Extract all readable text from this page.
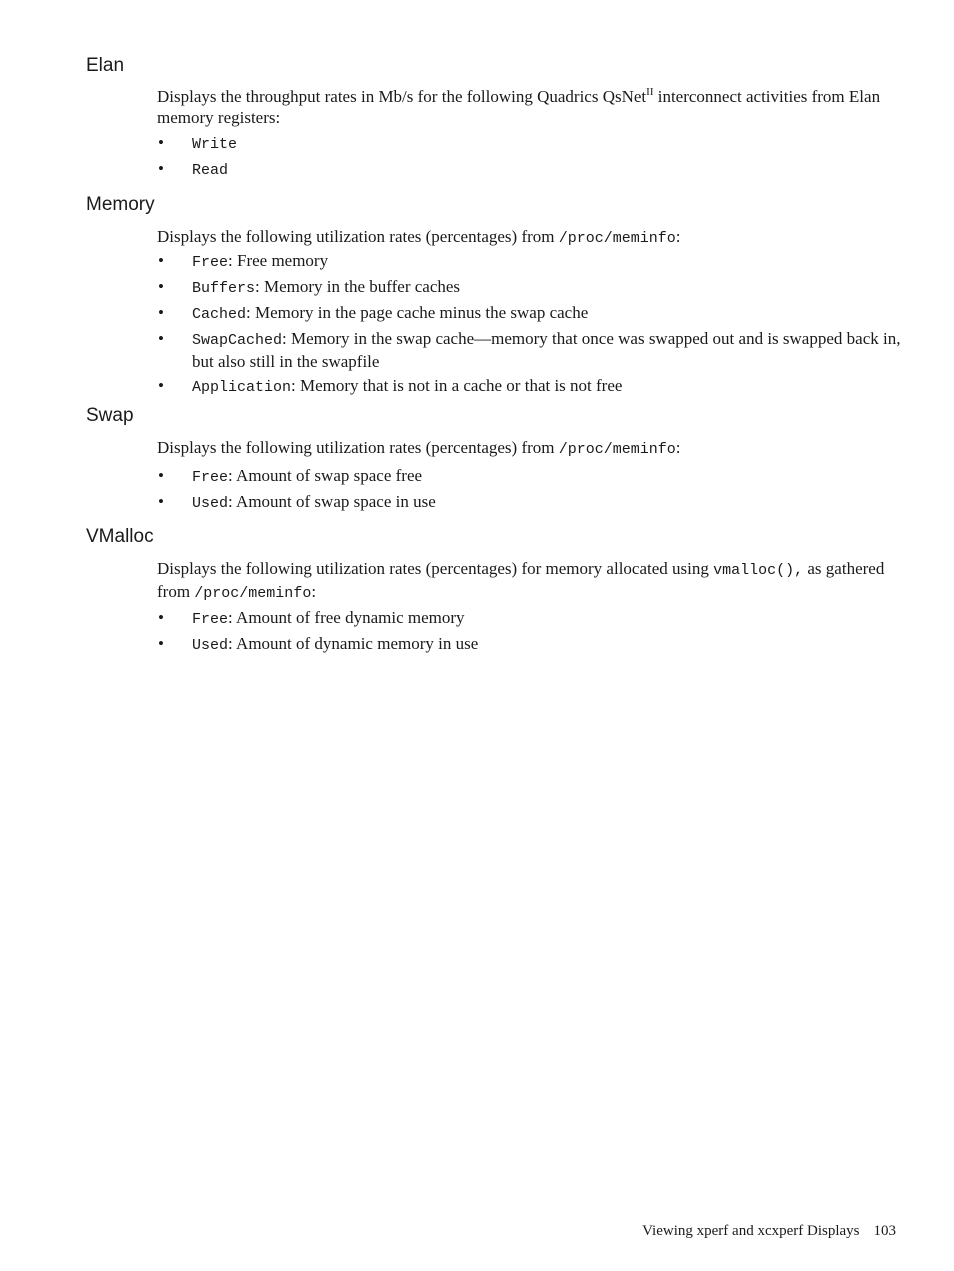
Elan
Displays the throughput rates in Mb/s for the following Quadrics QsNet$^{II}$ interconnect activities from Elan memory registers:
• Write
• Read
Memory
Displays the following utilization rates (percentages) from /proc/meminfo:
• Free: Free memory
• Buffers: Memory in the buffer caches
• Cached: Memory in the page cache minus the swap cache
• SwapCached: Memory in the swap cache—memory that once was swapped out and is swapped back in, but also still in the swapfile
• Application: Memory that is not in a cache or that is not free
Swap
Displays the following utilization rates (percentages) from /proc/meminfo:
• Free: Amount of swap space free
• Used: Amount of swap space in use
VMalloc
Displays the following utilization rates (percentages) for memory allocated using vmalloc(), as gathered from /proc/meminfo:
• Free: Amount of free dynamic memory
• Used: Amount of dynamic memory in use
Viewing xperf and xcxperf Displays 103
